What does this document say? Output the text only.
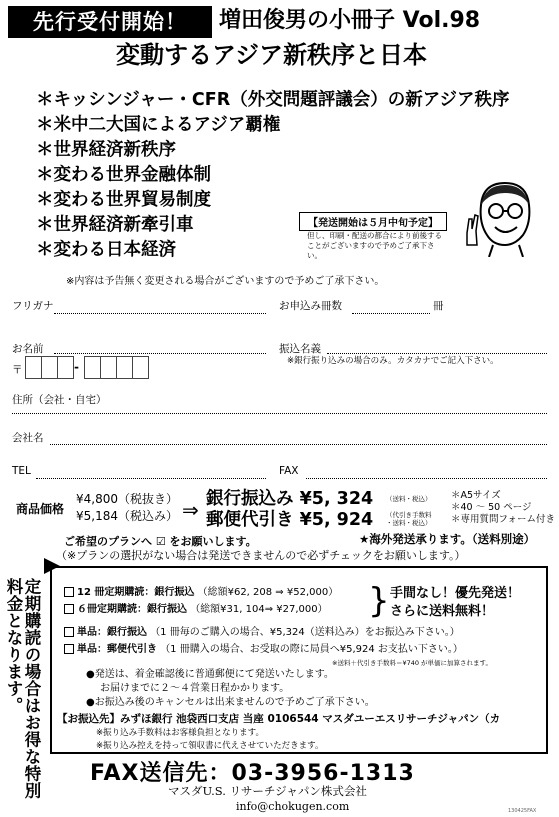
先行受付開始！	増田俊男の小冊子 Vol.98
変動するアジア新秩序と日本
＊キッシンジャー・CFR（外交問題評議会）の新アジア秩序
＊米中二大国によるアジア覇権
＊世界経済新秩序
＊変わる世界金融体制
＊変わる世界貿易制度
＊世界経済新牽引車
＊変わる日本経済
【発送開始は５月中旬予定】
但し、印刷・配送の都合により前後することがございますので予めご了承下さい。
※内容は予告無く変更される場合がございますので予めご了承下さい。
フリガナ	お申込み冊数	冊
お名前	振込名義
※銀行振り込みの場合のみ。カタカナでご記入下さい。
〒	-
住所（会社・自宅）
会社名
TEL	FAX
商品価格
¥4,800（税抜き）
¥5,184（税込み） ⇒ 銀行振込み ¥5, 324 （送料・税込）
郵便代引き ¥5, 924 （代引き手数料
・送料・税込）
＊A5サイズ
＊40 〜 50 ページ
＊専用質問フォーム付き
ご希望のプランへ ☑ をお願いします。	★海外発送承ります。（送料別途）
（※プランの選択がない場合は発送できませんので必ずチェックをお願いします。）
定期購読の場合はお得な特別料金となります。	12 冊定期購読：銀行振込 （総額¥62, 208 ⇒ ¥52,000）
６冊定期購読：銀行振込 （総額¥31, 104⇒ ¥27,000） } 手間なし！優先発送！
さらに送料無料！
単品：銀行振込 （1 冊毎のご購入の場合、¥5,324（送料込み）をお振込み下さい。）
単品：郵便代引き （1 冊購入の場合、お受取の際に局員へ¥5,924 お支払い下さい。）
※送料＋代引き手数料＝¥740 が単価に加算されます。
●発送は、着金確認後に普通郵便にて発送いたします。
お届けまでに２〜４営業日程かかります。
●お振込み後のキャンセルは出来ませんので予めご了承下さい。
【お振込先】みずほ銀行 池袋西口支店 当座 0106544 マスダユーエスリサーチジャパン（カ
※振り込み手数料はお客様負担となります。
※振り込み控えを持って領収書に代えさせていただきます。
FAX送信先：03-3956-1313
マスダU.S. リサーチジャパン株式会社
info@chokugen.com	130425FAX
